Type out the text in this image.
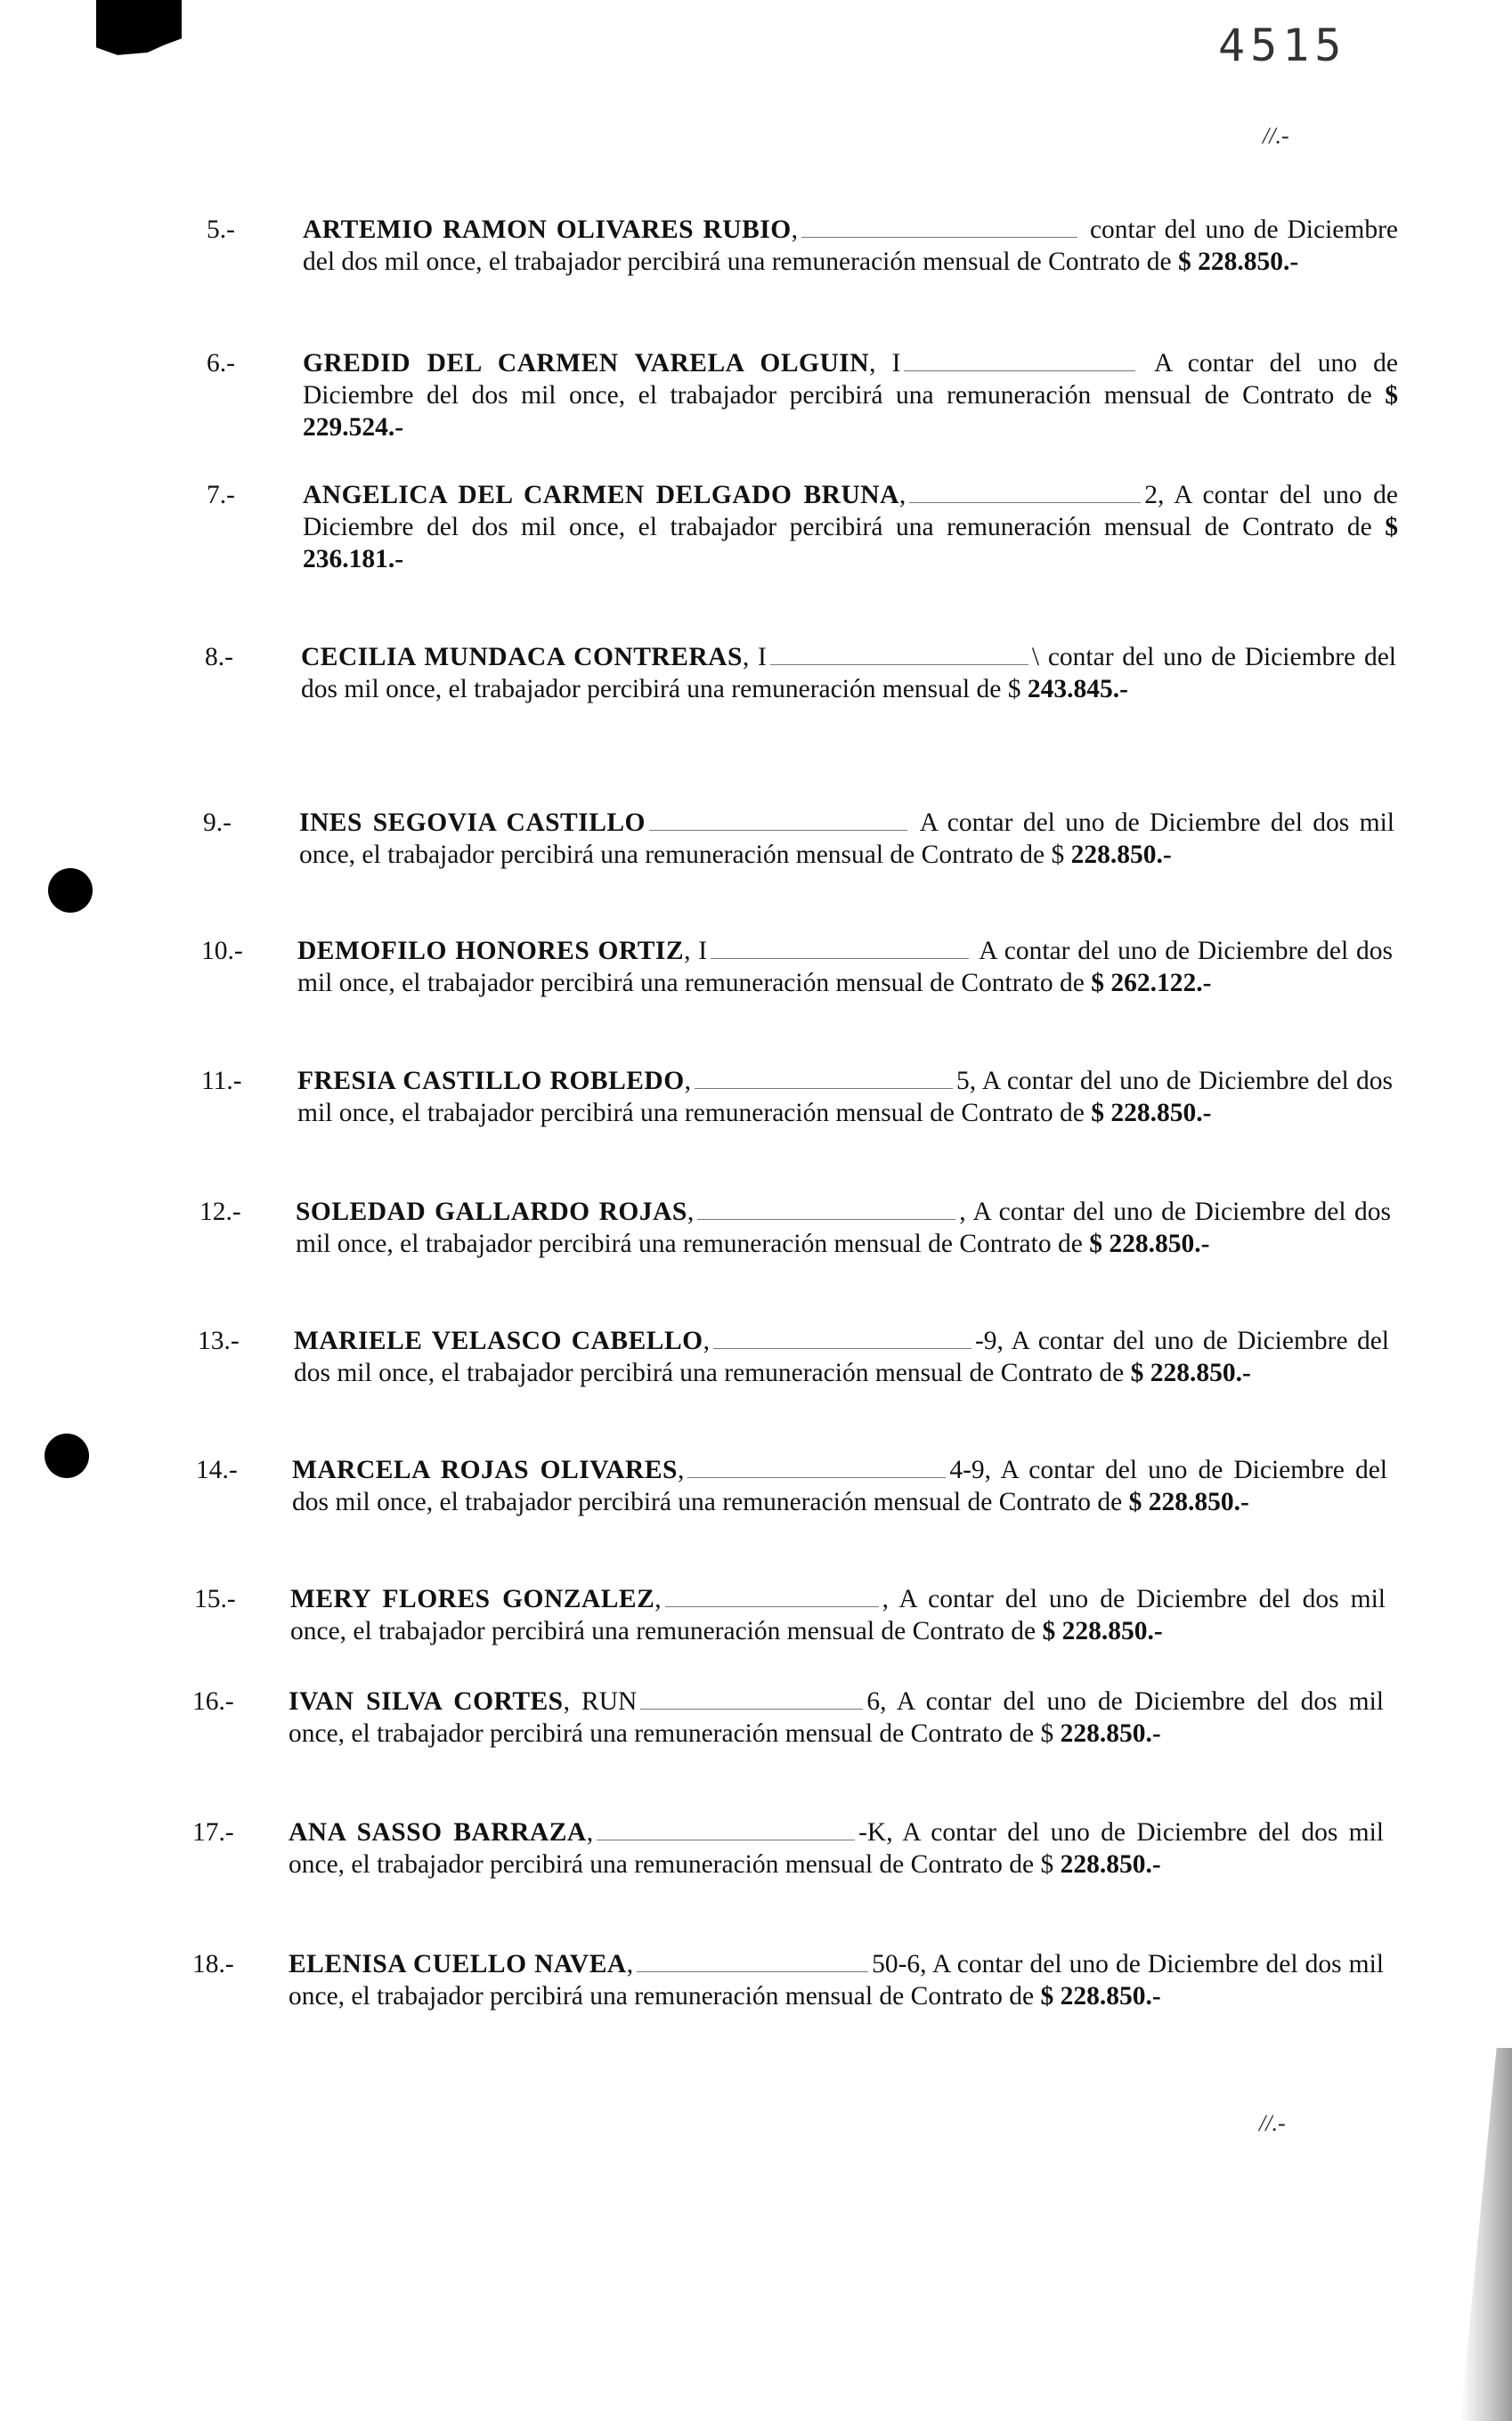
4515
//.-
5.-	ARTEMIO RAMON OLIVARES RUBIO,	contar del uno de Diciembre del dos mil once, el trabajador percibirá una remuneración mensual de Contrato de $ 228.850.-
6.-	GREDID DEL CARMEN VARELA OLGUIN, I	A contar del uno de Diciembre del dos mil once, el trabajador percibirá una remuneración mensual de Contrato de $ 229.524.-
7.-	ANGELICA DEL CARMEN DELGADO BRUNA,	2, A contar del uno de Diciembre del dos mil once, el trabajador percibirá una remuneración mensual de Contrato de $ 236.181.-
8.-	CECILIA MUNDACA CONTRERAS, I	\ contar del uno de Diciembre del dos mil once, el trabajador percibirá una remuneración mensual de $ 243.845.-
9.-	INES SEGOVIA CASTILLO	A contar del uno de Diciembre del dos mil once, el trabajador percibirá una remuneración mensual de Contrato de $ 228.850.-
10.- DEMOFILO HONORES ORTIZ, I	A contar del uno de Diciembre del dos mil once, el trabajador percibirá una remuneración mensual de Contrato de $ 262.122.-
11.- FRESIA CASTILLO ROBLEDO,	5, A contar del uno de Diciembre del dos mil once, el trabajador percibirá una remuneración mensual de Contrato de $ 228.850.-
12.- SOLEDAD GALLARDO ROJAS,	, A contar del uno de Diciembre del dos mil once, el trabajador percibirá una remuneración mensual de Contrato de $ 228.850.-
13.- MARIELE VELASCO CABELLO,	-9, A contar del uno de Diciembre del dos mil once, el trabajador percibirá una remuneración mensual de Contrato de $ 228.850.-
14.- MARCELA ROJAS OLIVARES,	4-9, A contar del uno de Diciembre del dos mil once, el trabajador percibirá una remuneración mensual de Contrato de $ 228.850.-
15.- MERY FLORES GONZALEZ,	, A contar del uno de Diciembre del dos mil once, el trabajador percibirá una remuneración mensual de Contrato de $ 228.850.-
16.- IVAN SILVA CORTES, RUN	6, A contar del uno de Diciembre del dos mil once, el trabajador percibirá una remuneración mensual de Contrato de $ 228.850.-
17.- ANA SASSO BARRAZA,	-K, A contar del uno de Diciembre del dos mil once, el trabajador percibirá una remuneración mensual de Contrato de $ 228.850.-
18.- ELENISA CUELLO NAVEA,	50-6, A contar del uno de Diciembre del dos mil once, el trabajador percibirá una remuneración mensual de Contrato de $ 228.850.-
//.-
